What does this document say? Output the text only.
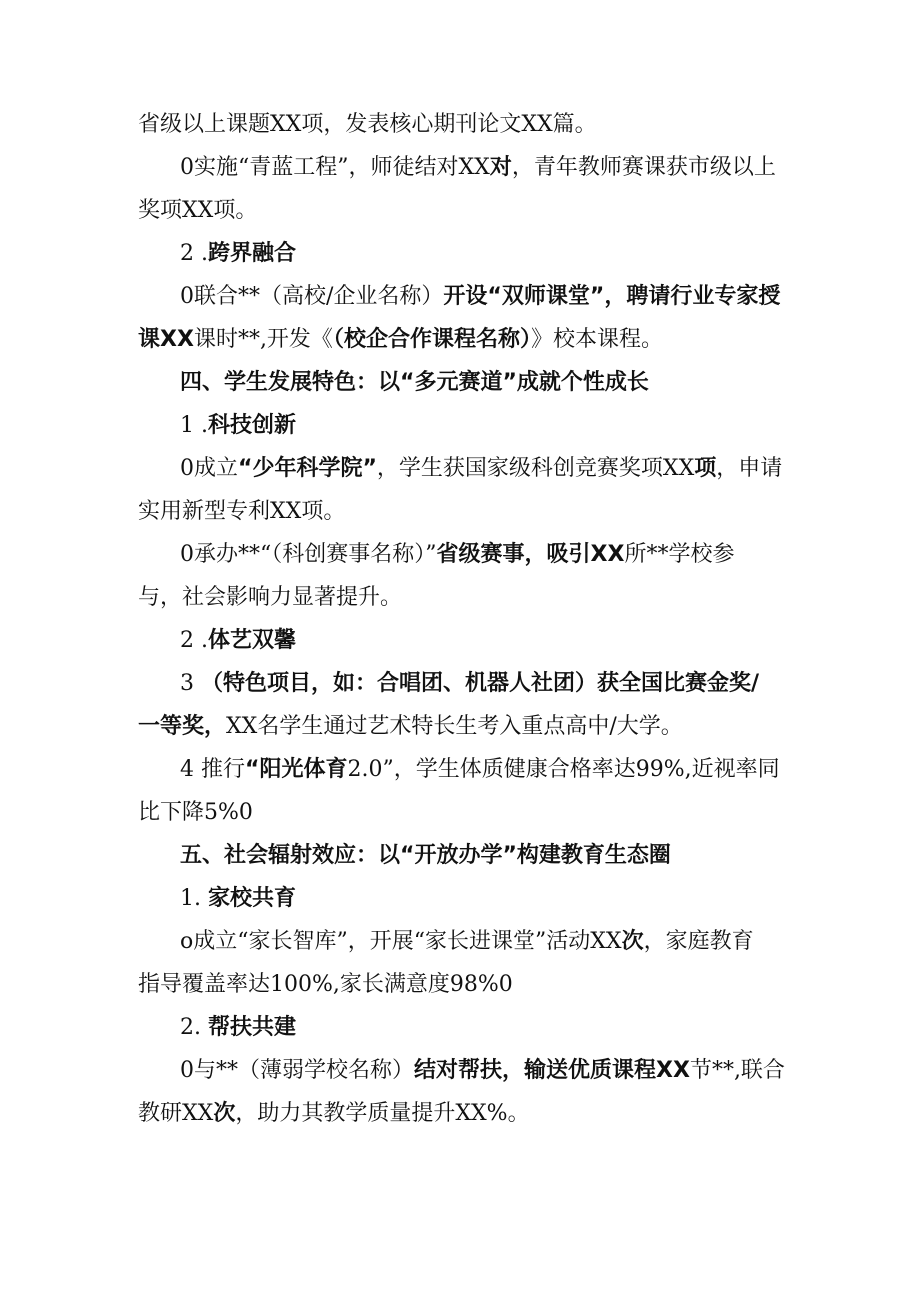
省级以上课题XX项，发表核心期刊论文XX篇。
0实施“青蓝工程”，师徒结对XX对，青年教师赛课获市级以上
奖项XX项。
2 .跨界融合
0联合**（高校/企业名称）开设“双师课堂”，聘请行业专家授
课XX课时**,开发《（校企合作课程名称）》校本课程。
四、学生发展特色：以“多元赛道”成就个性成长
1 .科技创新
0成立“少年科学院”，学生获国家级科创竞赛奖项XX项，申请
实用新型专利XX项。
0承办**“（科创赛事名称）”省级赛事，吸引XX所**学校参
与，社会影响力显著提升。
2 .体艺双馨
3 （特色项目，如：合唱团、机器人社团）获全国比赛金奖/
一等奖，XX名学生通过艺术特长生考入重点高中/大学。
4 推行“阳光体育2.0”，学生体质健康合格率达99%,近视率同
比下降5%0
五、社会辐射效应：以“开放办学”构建教育生态圈
1. 家校共育
o成立“家长智库”，开展“家长进课堂”活动XX次，家庭教育
指导覆盖率达100%,家长满意度98%0
2. 帮扶共建
0与**（薄弱学校名称）结对帮扶，输送优质课程XX节**,联合
教研XX次，助力其教学质量提升XX%。
